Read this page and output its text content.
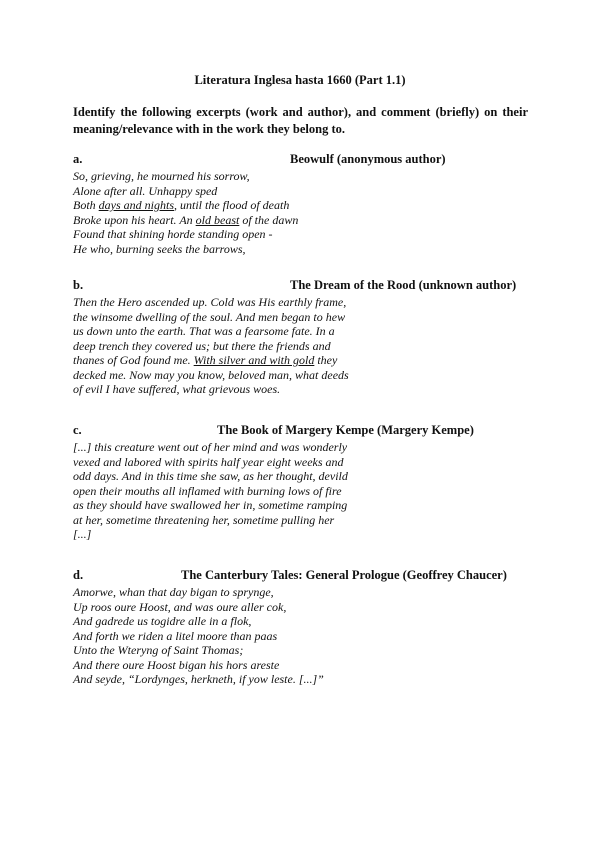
Literatura Inglesa hasta 1660 (Part 1.1)
Identify the following excerpts (work and author), and comment (briefly) on their meaning/relevance with in the work they belong to.
a.	Beowulf (anonymous author)
So, grieving, he mourned his sorrow,
Alone after all. Unhappy sped
Both days and nights, until the flood of death
Broke upon his heart. An old beast of the dawn
Found that shining horde standing open -
He who, burning seeks the barrows,
b.	The Dream of the Rood (unknown author)
Then the Hero ascended up. Cold was His earthly frame,
the winsome dwelling of the soul. And men began to hew
us down unto the earth. That was a fearsome fate. In a
deep trench they covered us; but there the friends and
thanes of God found me. With silver and with gold they
decked me. Now may you know, beloved man, what deeds
of evil I have suffered, what grievous woes.
c.	The Book of Margery Kempe (Margery Kempe)
[...] this creature went out of her mind and was wonderly
vexed and labored with spirits half year eight weeks and
odd days. And in this time she saw, as her thought, devild
open their mouths all inflamed with burning lows of fire
as they should have swallowed her in, sometime ramping
at her, sometime threatening her, sometime pulling her
[...]
d.	The Canterbury Tales: General Prologue (Geoffrey Chaucer)
Amorwe, whan that day bigan to sprynge,
Up roos oure Hoost, and was oure aller cok,
And gadrede us togidre alle in a flok,
And forth we riden a litel moore than paas
Unto the Wteryng of Saint Thomas;
And there oure Hoost bigan his hors areste
And seyde, “Lordynges, herkneth, if yow leste. [...]”
